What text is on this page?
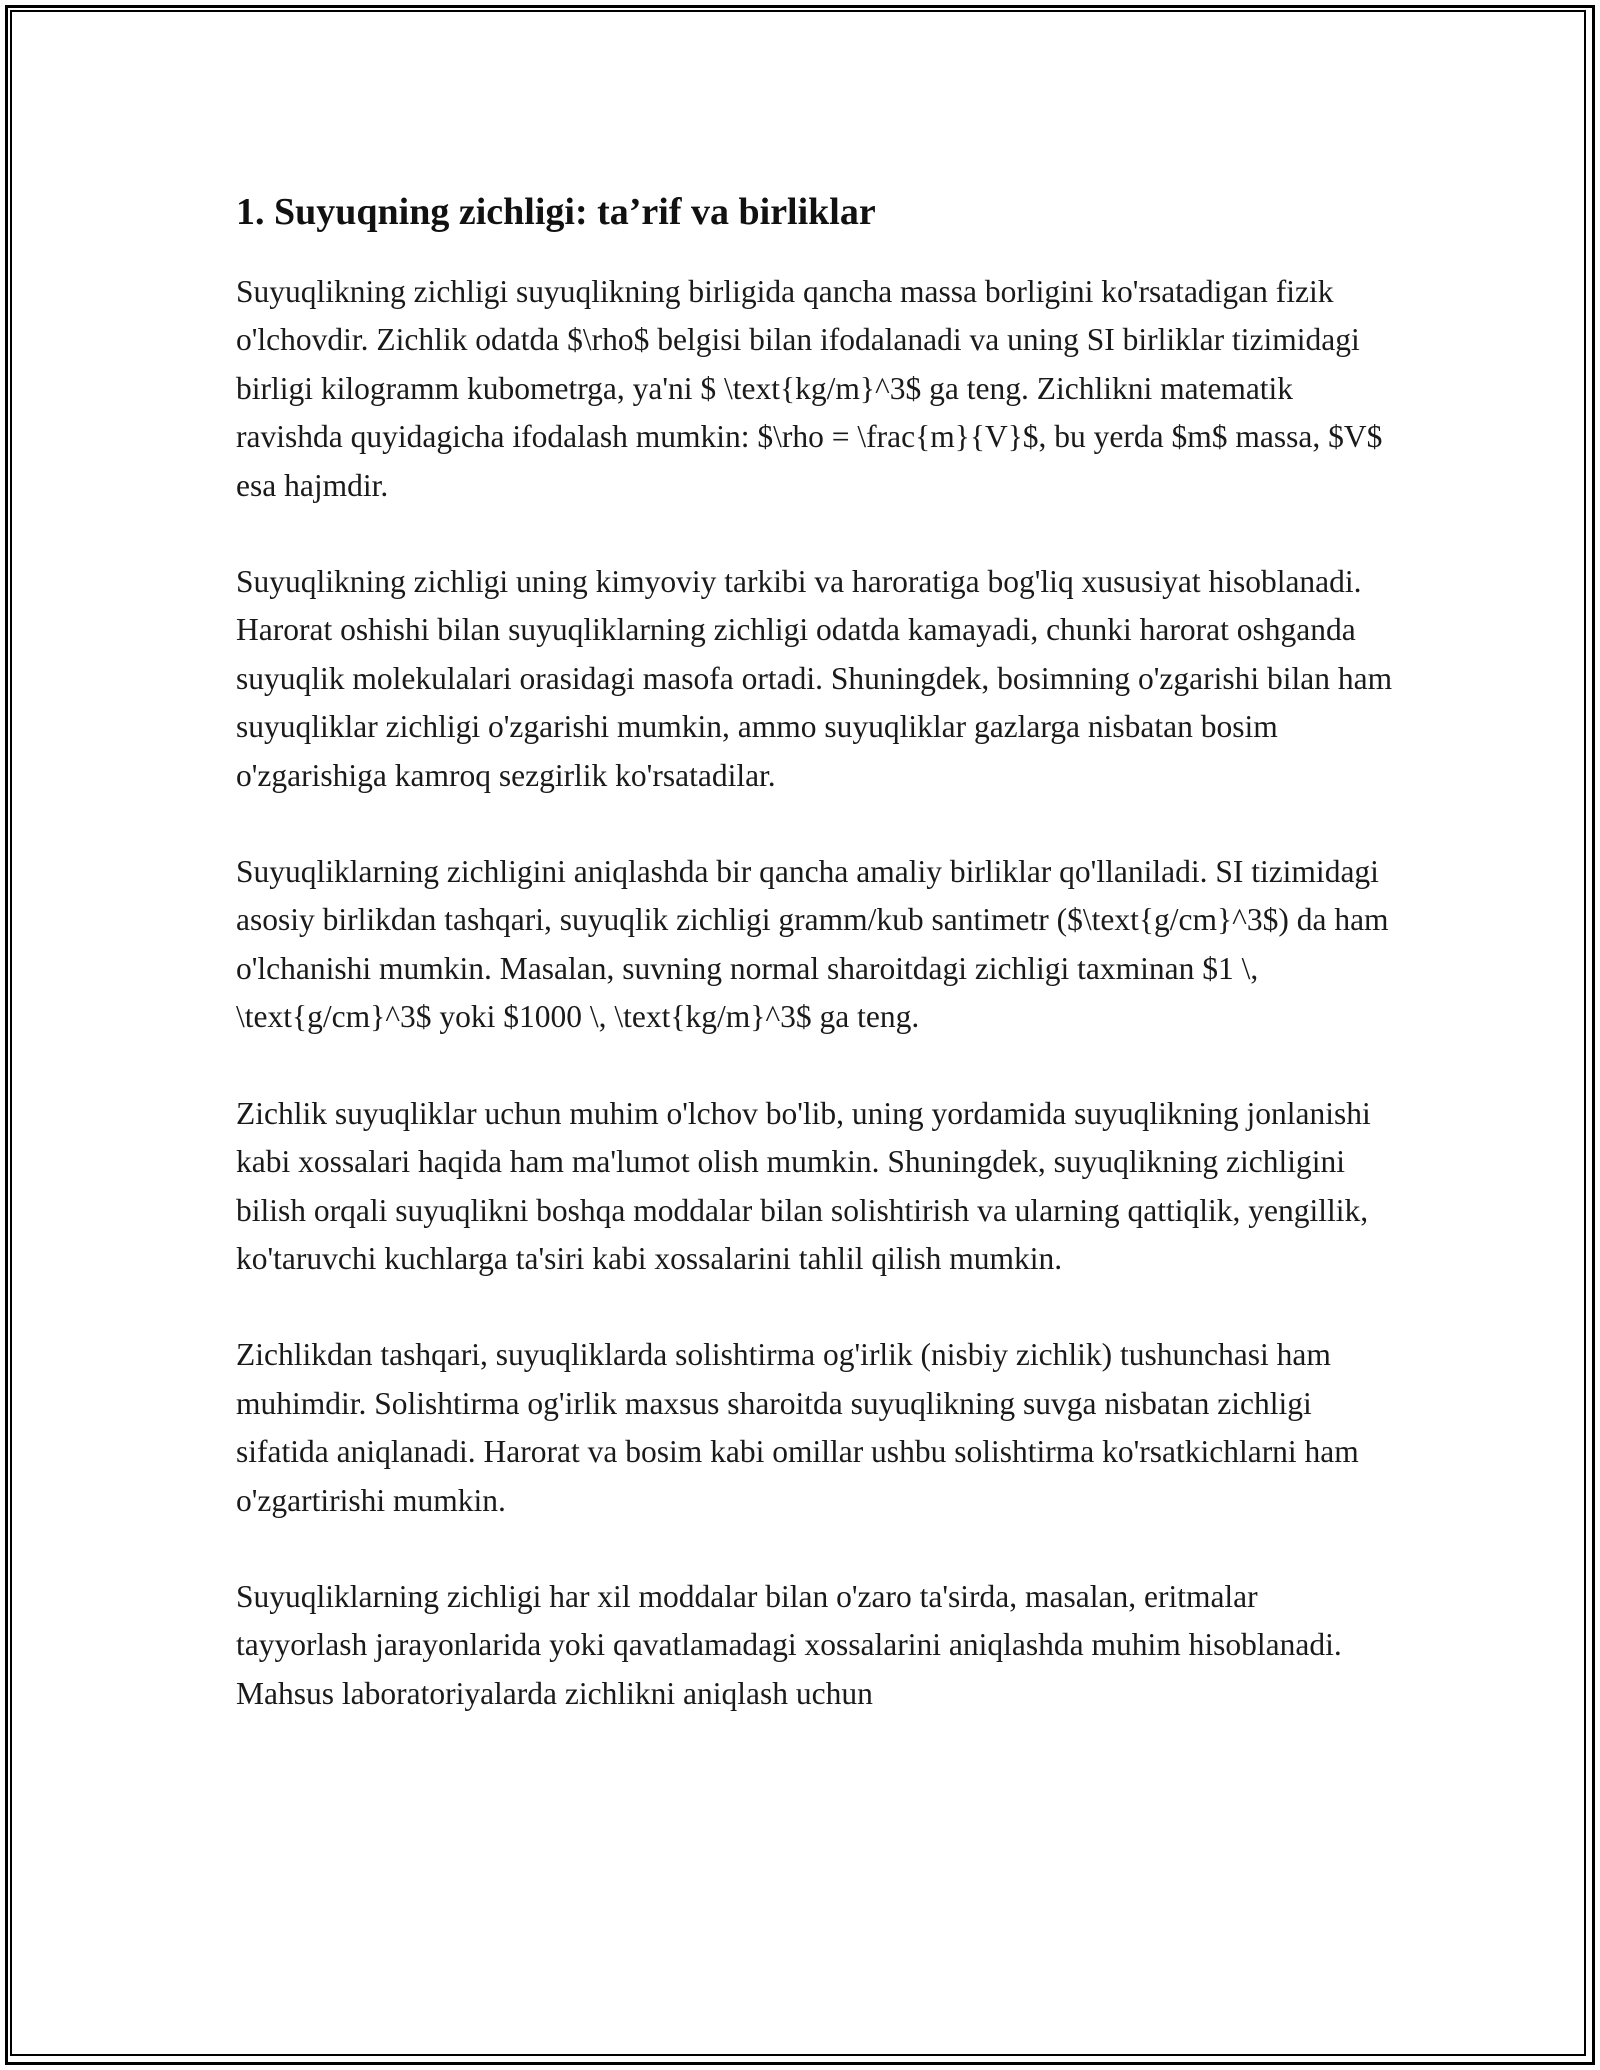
1. Suyuqning zichligi: ta’rif va birliklar

Suyuqlikning zichligi suyuqlikning birligida qancha massa borligini ko'rsatadigan fizik o'lchovdir. Zichlik odatda $\rho$ belgisi bilan ifodalanadi va uning SI birliklar tizimidagi birligi kilogramm kubometrga, ya'ni $ \text{kg/m}^3$ ga teng. Zichlikni matematik ravishda quyidagicha ifodalash mumkin: $\rho = \frac{m}{V}$, bu yerda $m$ massa, $V$ esa hajmdir.

Suyuqlikning zichligi uning kimyoviy tarkibi va haroratiga bog'liq xususiyat hisoblanadi. Harorat oshishi bilan suyuqliklarning zichligi odatda kamayadi, chunki harorat oshganda suyuqlik molekulalari orasidagi masofa ortadi. Shuningdek, bosimning o'zgarishi bilan ham suyuqliklar zichligi o'zgarishi mumkin, ammo suyuqliklar gazlarga nisbatan bosim o'zgarishiga kamroq sezgirlik ko'rsatadilar.

Suyuqliklarning zichligini aniqlashda bir qancha amaliy birliklar qo'llaniladi. SI tizimidagi asosiy birlikdan tashqari, suyuqlik zichligi gramm/kub santimetr ($\text{g/cm}^3$) da ham o'lchanishi mumkin. Masalan, suvning normal sharoitdagi zichligi taxminan $1 \, \text{g/cm}^3$ yoki $1000 \, \text{kg/m}^3$ ga teng.

Zichlik suyuqliklar uchun muhim o'lchov bo'lib, uning yordamida suyuqlikning jonlanishi kabi xossalari haqida ham ma'lumot olish mumkin. Shuningdek, suyuqlikning zichligini bilish orqali suyuqlikni boshqa moddalar bilan solishtirish va ularning qattiqlik, yengillik, ko'taruvchi kuchlarga ta'siri kabi xossalarini tahlil qilish mumkin.

Zichlikdan tashqari, suyuqliklarda solishtirma og'irlik (nisbiy zichlik) tushunchasi ham muhimdir. Solishtirma og'irlik maxsus sharoitda suyuqlikning suvga nisbatan zichligi sifatida aniqlanadi. Harorat va bosim kabi omillar ushbu solishtirma ko'rsatkichlarni ham o'zgartirishi mumkin.

Suyuqliklarning zichligi har xil moddalar bilan o'zaro ta'sirda, masalan, eritmalar tayyorlash jarayonlarida yoki qavatlamadagi xossalarini aniqlashda muhim hisoblanadi. Mahsus laboratoriyalarda zichlikni aniqlash uchun
